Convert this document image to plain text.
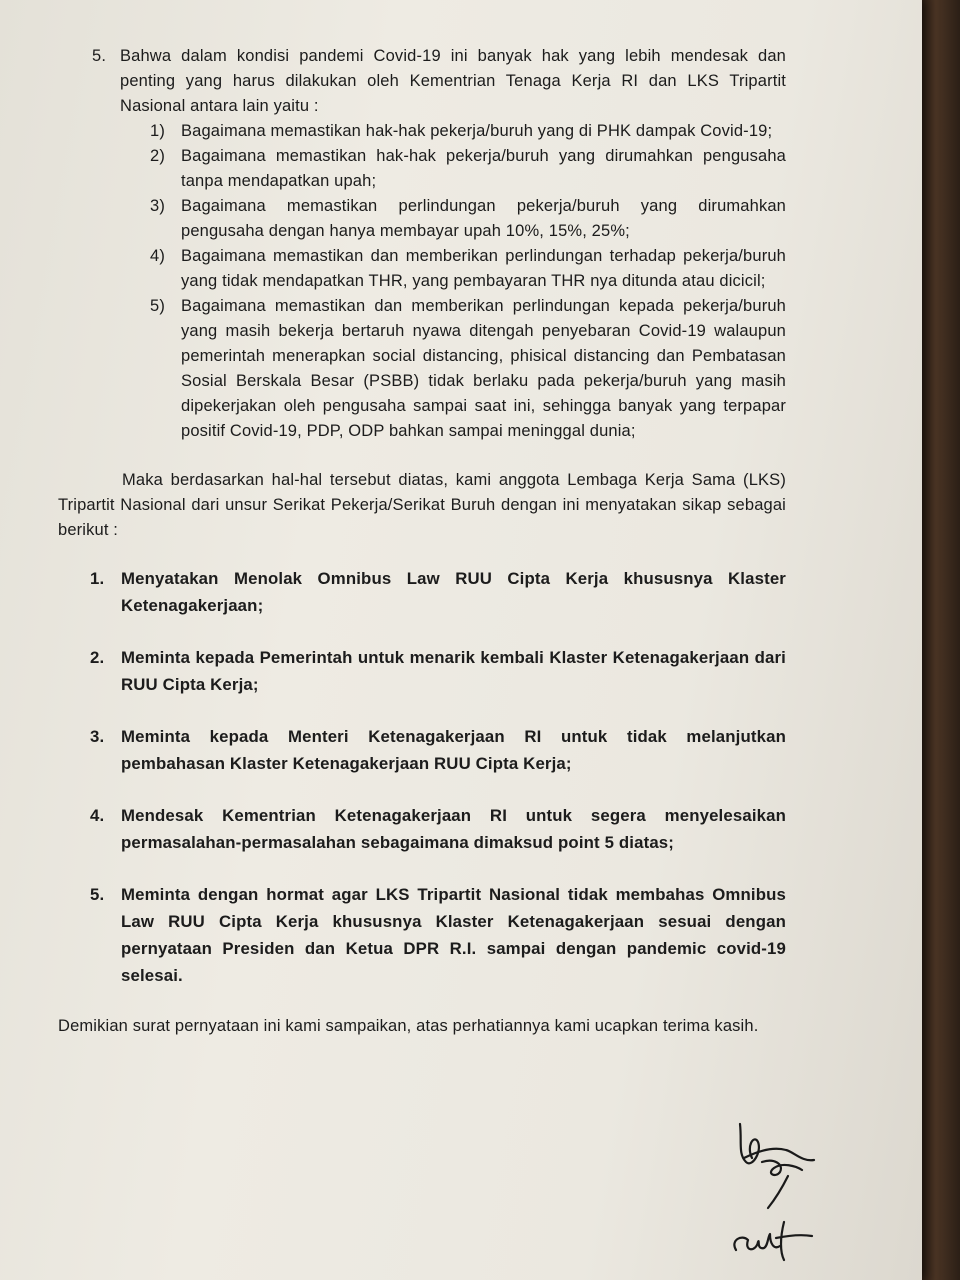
5. Bahwa dalam kondisi pandemi Covid-19 ini banyak hak yang lebih mendesak dan penting yang harus dilakukan oleh Kementrian Tenaga Kerja RI dan LKS Tripartit Nasional antara lain yaitu :
1) Bagaimana memastikan hak-hak pekerja/buruh yang di PHK dampak Covid-19;
2) Bagaimana memastikan hak-hak pekerja/buruh yang dirumahkan pengusaha tanpa mendapatkan upah;
3) Bagaimana memastikan perlindungan pekerja/buruh yang dirumahkan pengusaha dengan hanya membayar upah 10%, 15%, 25%;
4) Bagaimana memastikan dan memberikan perlindungan terhadap pekerja/buruh yang tidak mendapatkan THR, yang pembayaran THR nya ditunda atau dicicil;
5) Bagaimana memastikan dan memberikan perlindungan kepada pekerja/buruh yang masih bekerja bertaruh nyawa ditengah penyebaran Covid-19 walaupun pemerintah menerapkan social distancing, phisical distancing dan Pembatasan Sosial Berskala Besar (PSBB) tidak berlaku pada pekerja/buruh yang masih dipekerjakan oleh pengusaha sampai saat ini, sehingga banyak yang terpapar positif Covid-19, PDP, ODP bahkan sampai meninggal dunia;

Maka berdasarkan hal-hal tersebut diatas, kami anggota Lembaga Kerja Sama (LKS) Tripartit Nasional dari unsur Serikat Pekerja/Serikat Buruh dengan ini menyatakan sikap sebagai berikut :

1. Menyatakan Menolak Omnibus Law RUU Cipta Kerja khususnya Klaster Ketenagakerjaan;
2. Meminta kepada Pemerintah untuk menarik kembali Klaster Ketenagakerjaan dari RUU Cipta Kerja;
3. Meminta kepada Menteri Ketenagakerjaan RI untuk tidak melanjutkan pembahasan Klaster Ketenagakerjaan RUU Cipta Kerja;
4. Mendesak Kementrian Ketenagakerjaan RI untuk segera menyelesaikan permasalahan-permasalahan sebagaimana dimaksud point 5 diatas;
5. Meminta dengan hormat agar LKS Tripartit Nasional tidak membahas Omnibus Law RUU Cipta Kerja khususnya Klaster Ketenagakerjaan sesuai dengan pernyataan Presiden dan Ketua DPR R.I. sampai dengan pandemic covid-19 selesai.

Demikian surat pernyataan ini kami sampaikan, atas perhatiannya kami ucapkan terima kasih.
